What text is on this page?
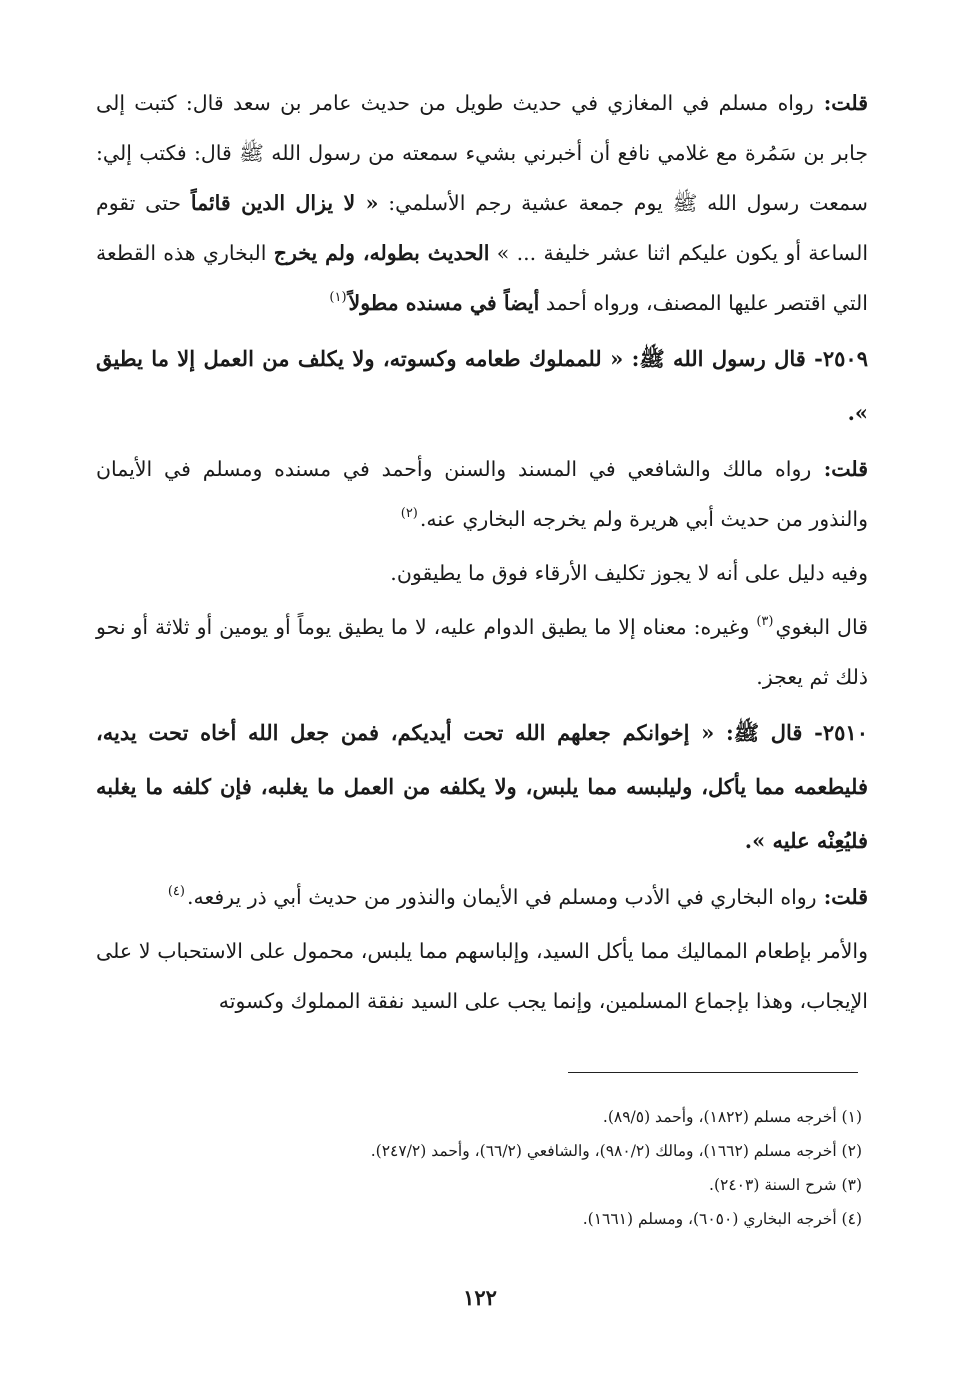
قلت: رواه مسلم في المغازي في حديث طويل من حديث عامر بن سعد قال: كتبت إلى جابر بن سَمُرة مع غلامي نافع أن أخبرني بشيء سمعته من رسول الله ﷺ قال: فكتب إلي: سمعت رسول الله ﷺ يوم جمعة عشية رجم الأسلمي: « لا يزال الدين قائماً حتى تقوم الساعة أو يكون عليكم اثنا عشر خليفة ... » الحديث بطوله، ولم يخرج البخاري هذه القطعة التي اقتصر عليها المصنف، ورواه أحمد أيضاً في مسنده مطولاً$^{(١)}$

٢٥٠٩- قال رسول الله ﷺ: « للمملوك طعامه وكسوته، ولا يكلف من العمل إلا ما يطيق ».

قلت: رواه مالك والشافعي في المسند والسنن وأحمد في مسنده ومسلم في الأيمان والنذور من حديث أبي هريرة ولم يخرجه البخاري عنه.$^{(٢)}$

وفيه دليل على أنه لا يجوز تكليف الأرقاء فوق ما يطيقون.

قال البغوي$^{(٣)}$ وغيره: معناه إلا ما يطيق الدوام عليه، لا ما يطيق يوماً أو يومين أو ثلاثة أو نحو ذلك ثم يعجز.

٢٥١٠- قال ﷺ: « إخوانكم جعلهم الله تحت أيديكم، فمن جعل الله أخاه تحت يديه، فليطعمه مما يأكل، وليلبسه مما يلبس، ولا يكلفه من العمل ما يغلبه، فإن كلفه ما يغلبه فليُعِنْه عليه ».

قلت: رواه البخاري في الأدب ومسلم في الأيمان والنذور من حديث أبي ذر يرفعه.$^{(٤)}$

والأمر بإطعام المماليك مما يأكل السيد، وإلباسهم مما يلبس، محمول على الاستحباب لا على الإيجاب، وهذا بإجماع المسلمين، وإنما يجب على السيد نفقة المملوك وكسوته

(١) أخرجه مسلم (١٨٢٢)، وأحمد (٨٩/٥).

(٢) أخرجه مسلم (١٦٦٢)، ومالك (٩٨٠/٢)، والشافعي (٦٦/٢)، وأحمد (٢٤٧/٢).

(٣) شرح السنة (٢٤٠٣).

(٤) أخرجه البخاري (٦٠٥٠)، ومسلم (١٦٦١).

١٢٢
